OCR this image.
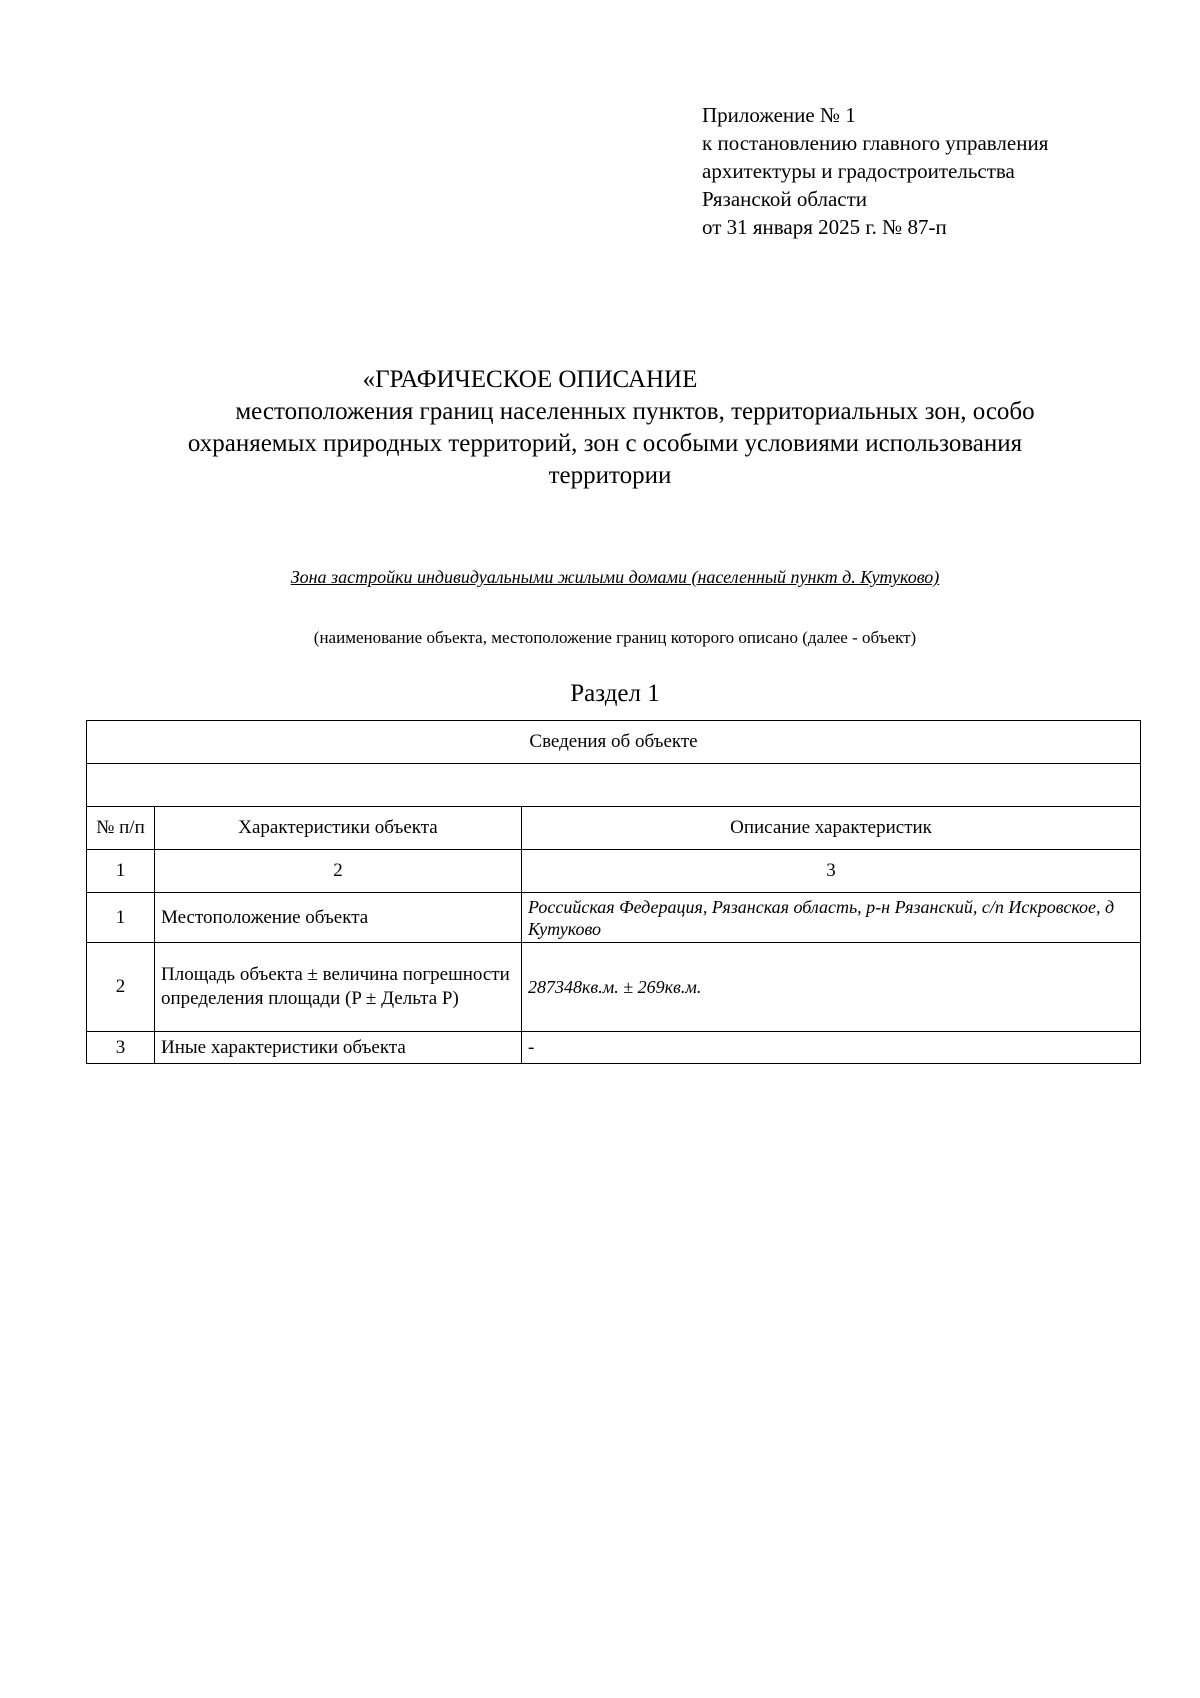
Приложение № 1
к постановлению главного управления
архитектуры и градостроительства
Рязанской области
от 31 января 2025 г. № 87-п
«ГРАФИЧЕСКОЕ ОПИСАНИЕ
местоположения границ населенных пунктов, территориальных зон, особо
охраняемых природных территорий, зон с особыми условиями использования
территории
Зона застройки индивидуальными жилыми домами (населенный пункт д. Кутуково)
(наименование объекта, местоположение границ которого описано (далее - объект)
Раздел 1
Сведения об объекте		

№ п/п	Характеристики объекта	Описание характеристик
1	2	3
1	Местоположение объекта	Российская Федерация, Рязанская область, р-н Рязанский, с/п Искровское, д Кутуково
2	Площадь объекта ± величина погрешности определения площади (P ± Дельта P)	287348кв.м. ± 269кв.м.
3	Иные характеристики объекта	-
